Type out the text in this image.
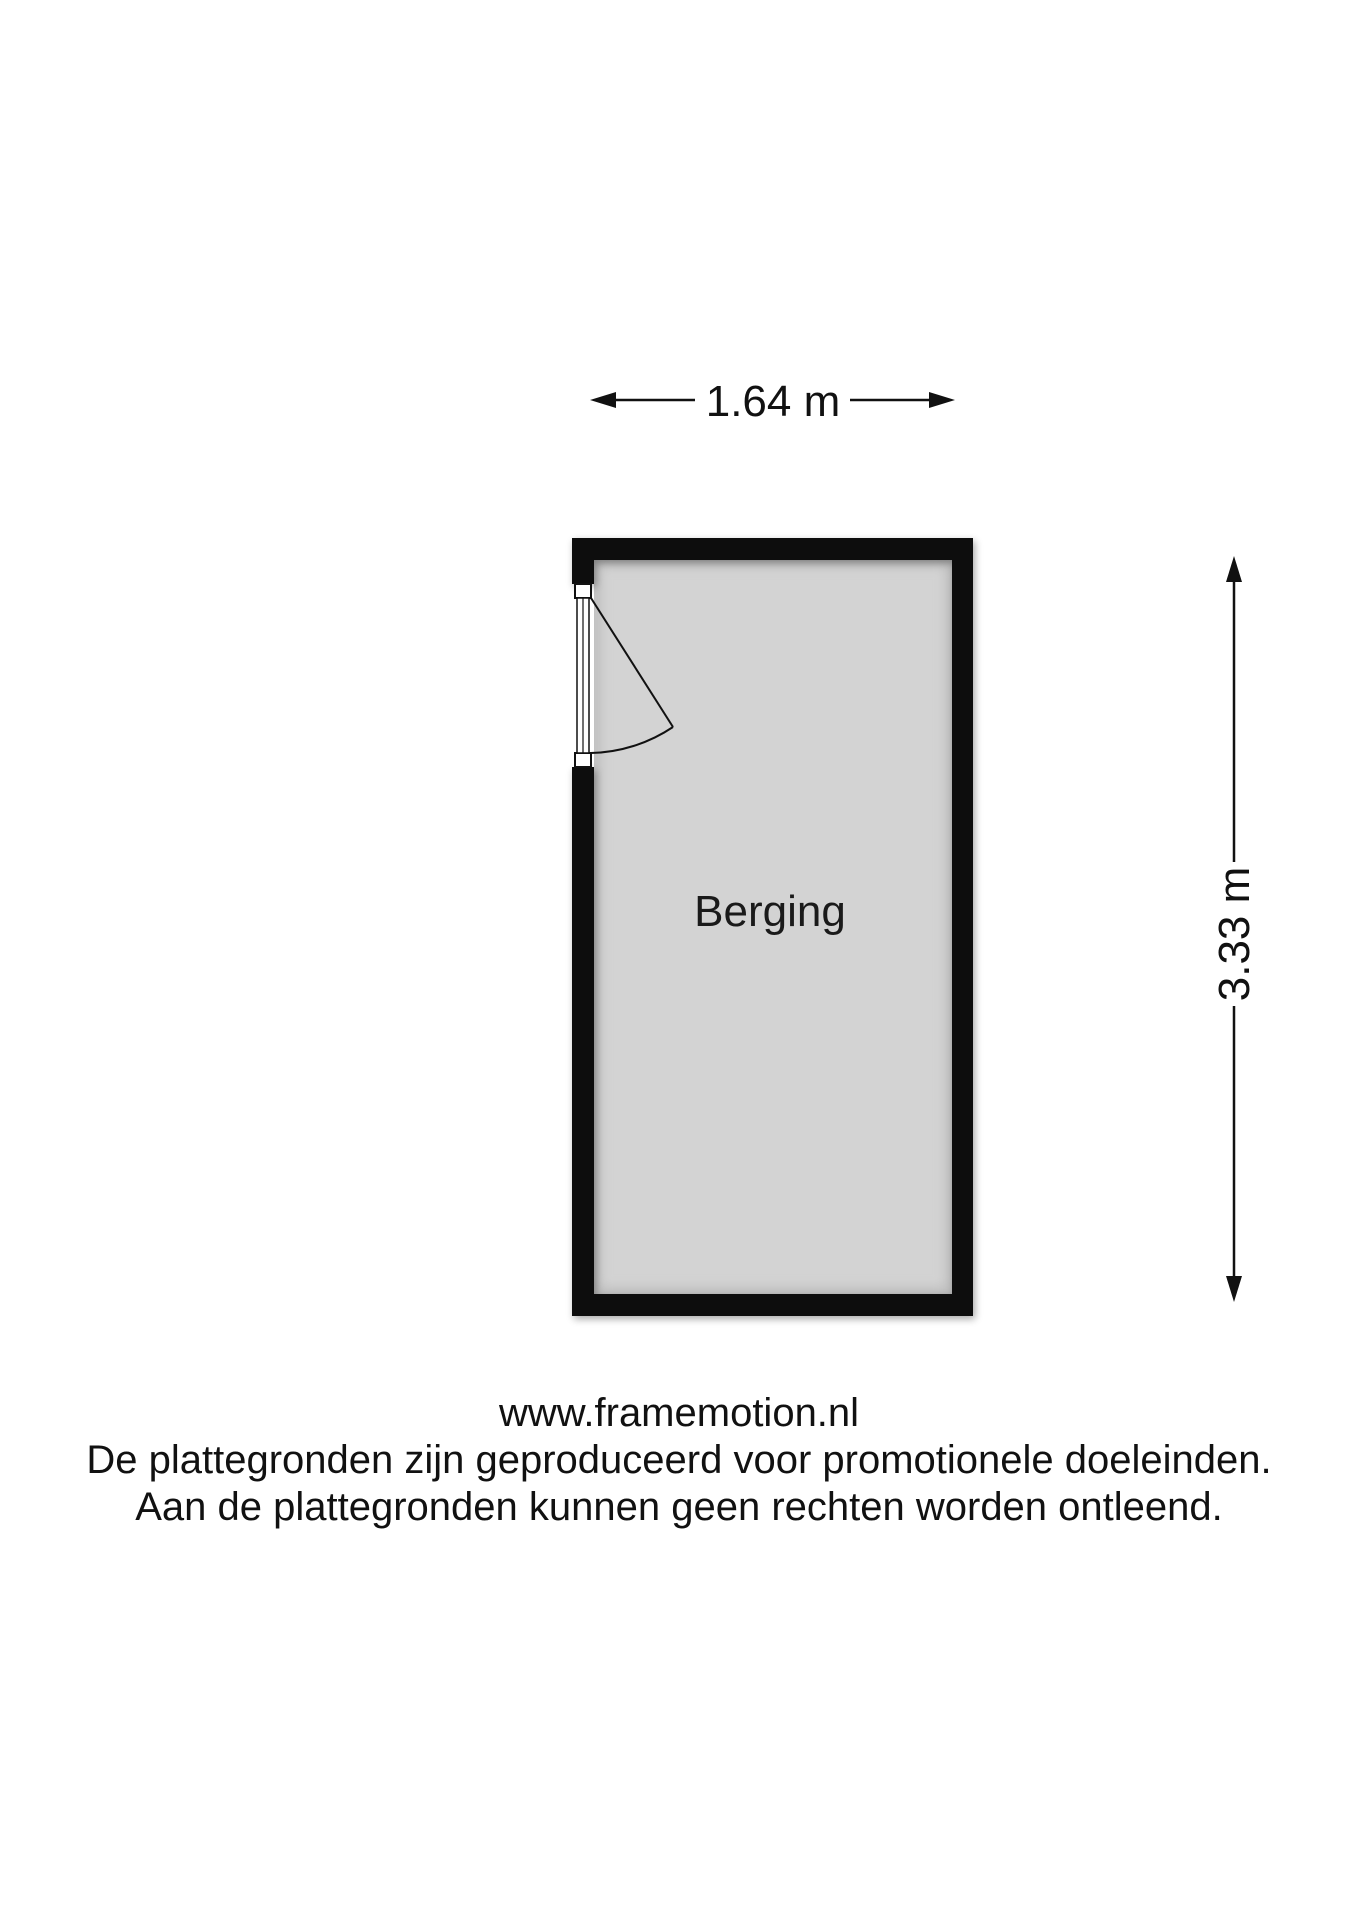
1.64 m
3.33 m
Berging
www.framemotion.nl
De plattegronden zijn geproduceerd voor promotionele doeleinden.
Aan de plattegronden kunnen geen rechten worden ontleend.
